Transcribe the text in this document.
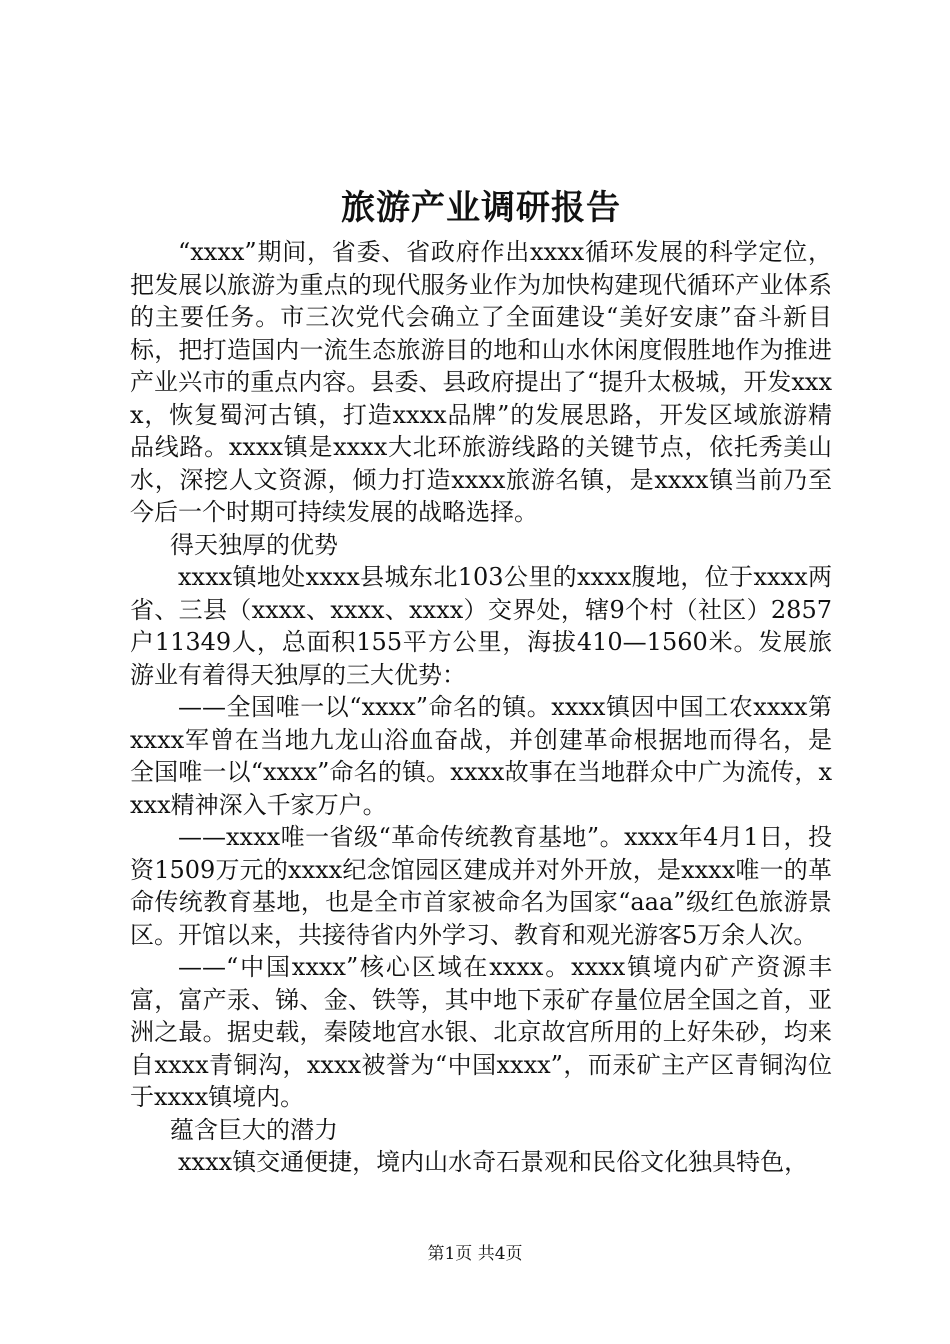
旅游产业调研报告

“xxxx”期间，省委、省政府作出xxxx循环发展的科学定位，把发展以旅游为重点的现代服务业作为加快构建现代循环产业体系的主要任务。市三次党代会确立了全面建设“美好安康”奋斗新目标，把打造国内一流生态旅游目的地和山水休闲度假胜地作为推进产业兴市的重点内容。县委、县政府提出了“提升太极城，开发xxxx，恢复蜀河古镇，打造xxxx品牌”的发展思路，开发区域旅游精品线路。xxxx镇是xxxx大北环旅游线路的关键节点，依托秀美山水，深挖人文资源，倾力打造xxxx旅游名镇，是xxxx镇当前乃至今后一个时期可持续发展的战略选择。

得天独厚的优势

xxxx镇地处xxxx县城东北103公里的xxxx腹地，位于xxxx两省、三县（xxxx、xxxx、xxxx）交界处，辖9个村（社区）2857户11349人，总面积155平方公里，海拔410—1560米。发展旅游业有着得天独厚的三大优势：

——全国唯一以“xxxx”命名的镇。xxxx镇因中国工农xxxx第xxxx军曾在当地九龙山浴血奋战，并创建革命根据地而得名，是全国唯一以“xxxx”命名的镇。xxxx故事在当地群众中广为流传，xxxx精神深入千家万户。

——xxxx唯一省级“革命传统教育基地”。xxxx年4月1日，投资1509万元的xxxx纪念馆园区建成并对外开放，是xxxx唯一的革命传统教育基地，也是全市首家被命名为国家“aaa”级红色旅游景区。开馆以来，共接待省内外学习、教育和观光游客5万余人次。

——“中国xxxx”核心区域在xxxx。xxxx镇境内矿产资源丰富，富产汞、锑、金、铁等，其中地下汞矿存量位居全国之首，亚洲之最。据史载，秦陵地宫水银、北京故宫所用的上好朱砂，均来自xxxx青铜沟，xxxx被誉为“中国xxxx”，而汞矿主产区青铜沟位于xxxx镇境内。

蕴含巨大的潜力

xxxx镇交通便捷，境内山水奇石景观和民俗文化独具特色，

第1页 共4页
